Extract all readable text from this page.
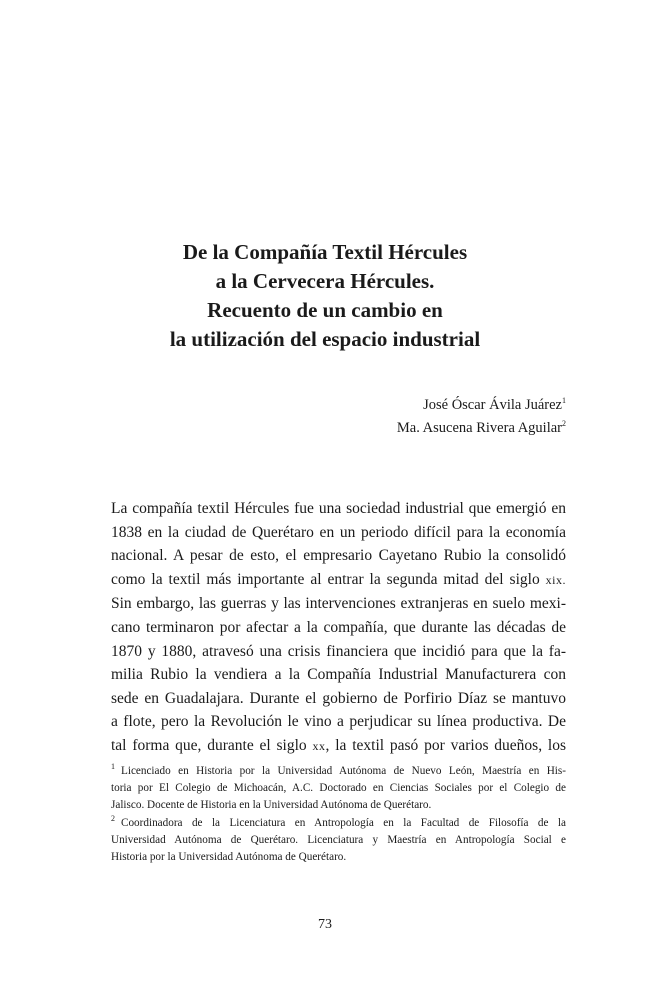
De la Compañía Textil Hércules
a la Cervecera Hércules.
Recuento de un cambio en
la utilización del espacio industrial
José Óscar Ávila Juárez$^1$
Ma. Asucena Rivera Aguilar$^2$
La compañía textil Hércules fue una sociedad industrial que emergió en
1838 en la ciudad de Querétaro en un periodo difícil para la economía
nacional. A pesar de esto, el empresario Cayetano Rubio la consolidó
como la textil más importante al entrar la segunda mitad del siglo xix.
Sin embargo, las guerras y las intervenciones extranjeras en suelo mexi-
cano terminaron por afectar a la compañía, que durante las décadas de
1870 y 1880, atravesó una crisis financiera que incidió para que la fa-
milia Rubio la vendiera a la Compañía Industrial Manufacturera con
sede en Guadalajara. Durante el gobierno de Porfirio Díaz se mantuvo
a flote, pero la Revolución le vino a perjudicar su línea productiva. De
tal forma que, durante el siglo xx, la textil pasó por varios dueños, los
$^1$ Licenciado en Historia por la Universidad Autónoma de Nuevo León, Maestría en His-
toria por El Colegio de Michoacán, A.C. Doctorado en Ciencias Sociales por el Colegio de
Jalisco. Docente de Historia en la Universidad Autónoma de Querétaro.
$^2$ Coordinadora de la Licenciatura en Antropología en la Facultad de Filosofía de la
Universidad Autónoma de Querétaro. Licenciatura y Maestría en Antropología Social e
Historia por la Universidad Autónoma de Querétaro.
73
